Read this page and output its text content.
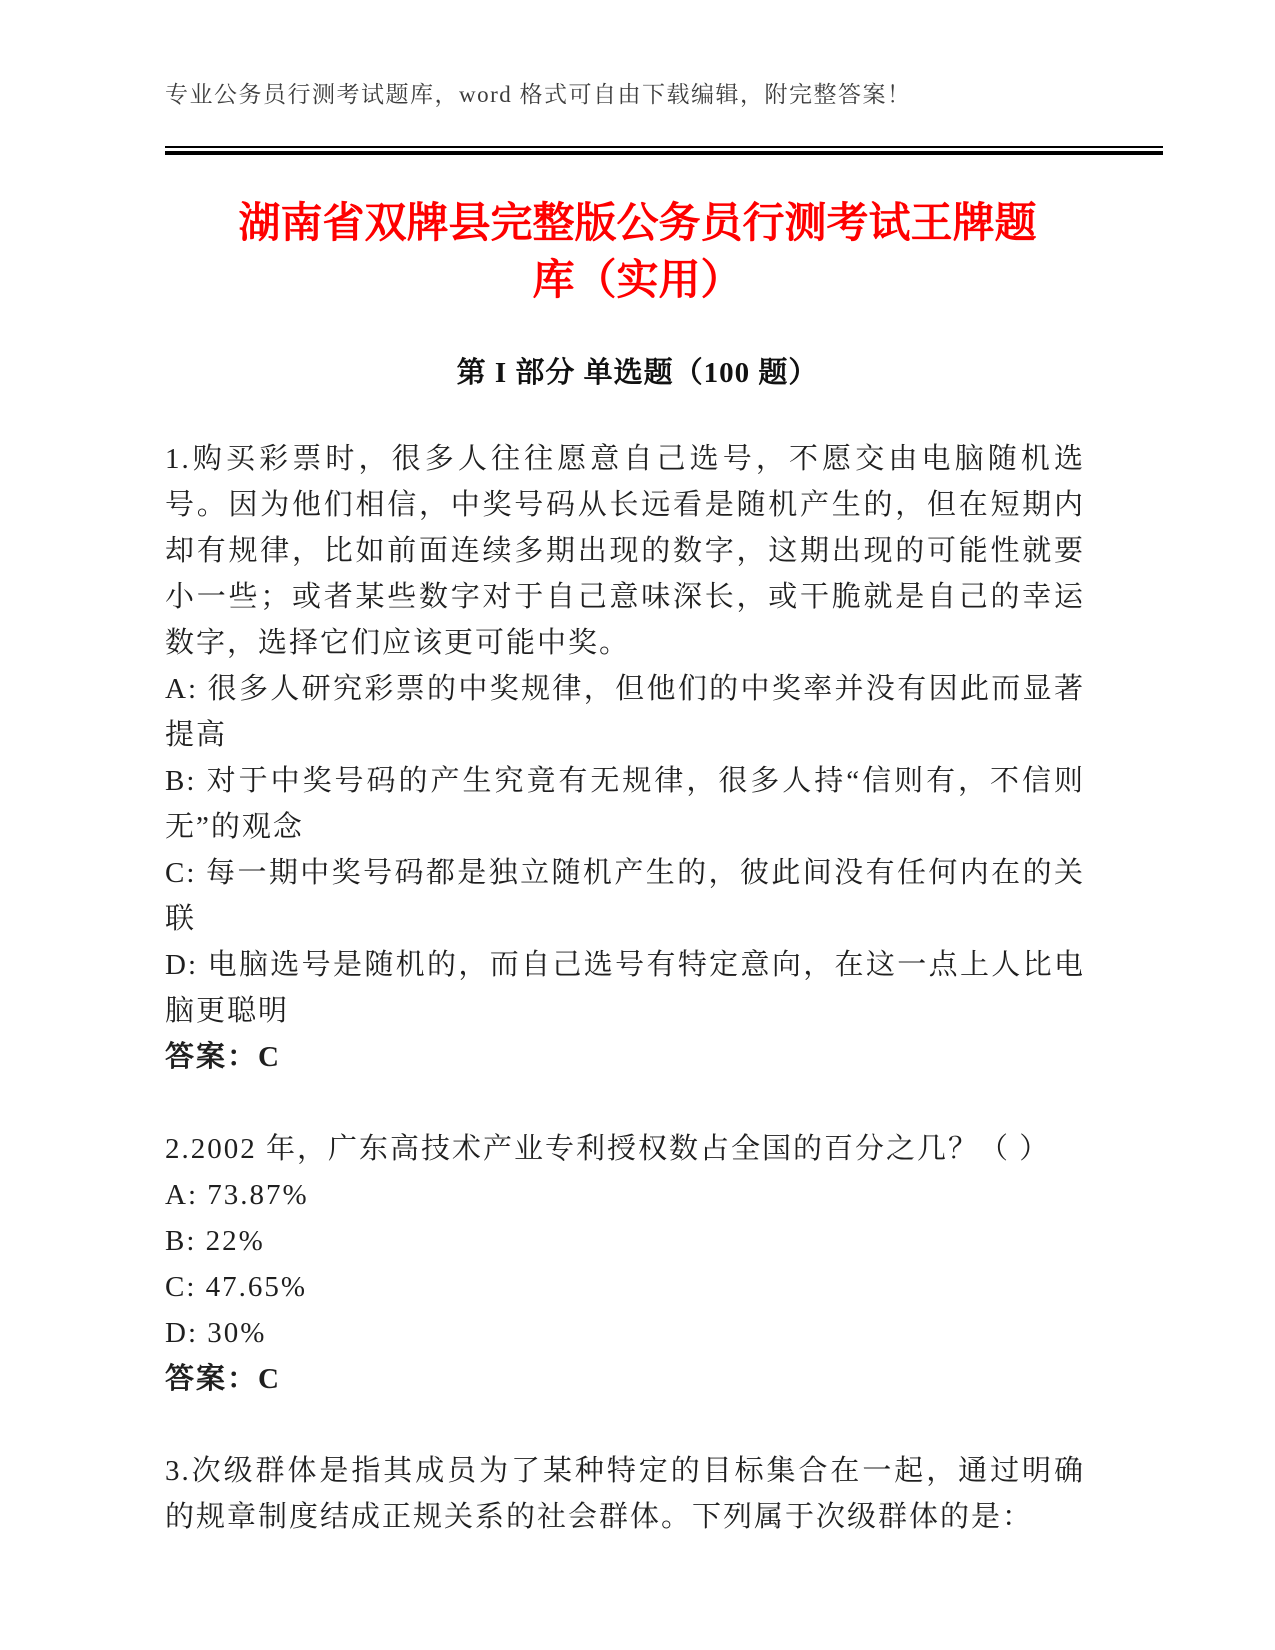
专业公务员行测考试题库，word 格式可自由下载编辑，附完整答案！
湖南省双牌县完整版公务员行测考试王牌题库（实用）
第 I 部分 单选题（100 题）

1.购买彩票时，很多人往往愿意自己选号，不愿交由电脑随机选号。因为他们相信，中奖号码从长远看是随机产生的，但在短期内却有规律，比如前面连续多期出现的数字，这期出现的可能性就要小一些；或者某些数字对于自己意味深长，或干脆就是自己的幸运数字，选择它们应该更可能中奖。

A: 很多人研究彩票的中奖规律，但他们的中奖率并没有因此而显著提高

B: 对于中奖号码的产生究竟有无规律，很多人持“信则有，不信则无”的观念

C: 每一期中奖号码都是独立随机产生的，彼此间没有任何内在的关联

D: 电脑选号是随机的，而自己选号有特定意向，在这一点上人比电脑更聪明

答案：C

2.2002 年，广东高技术产业专利授权数占全国的百分之几？（ ）

A: 73.87%

B: 22%

C: 47.65%

D: 30%

答案：C

3.次级群体是指其成员为了某种特定的目标集合在一起，通过明确的规章制度结成正规关系的社会群体。下列属于次级群体的是：
